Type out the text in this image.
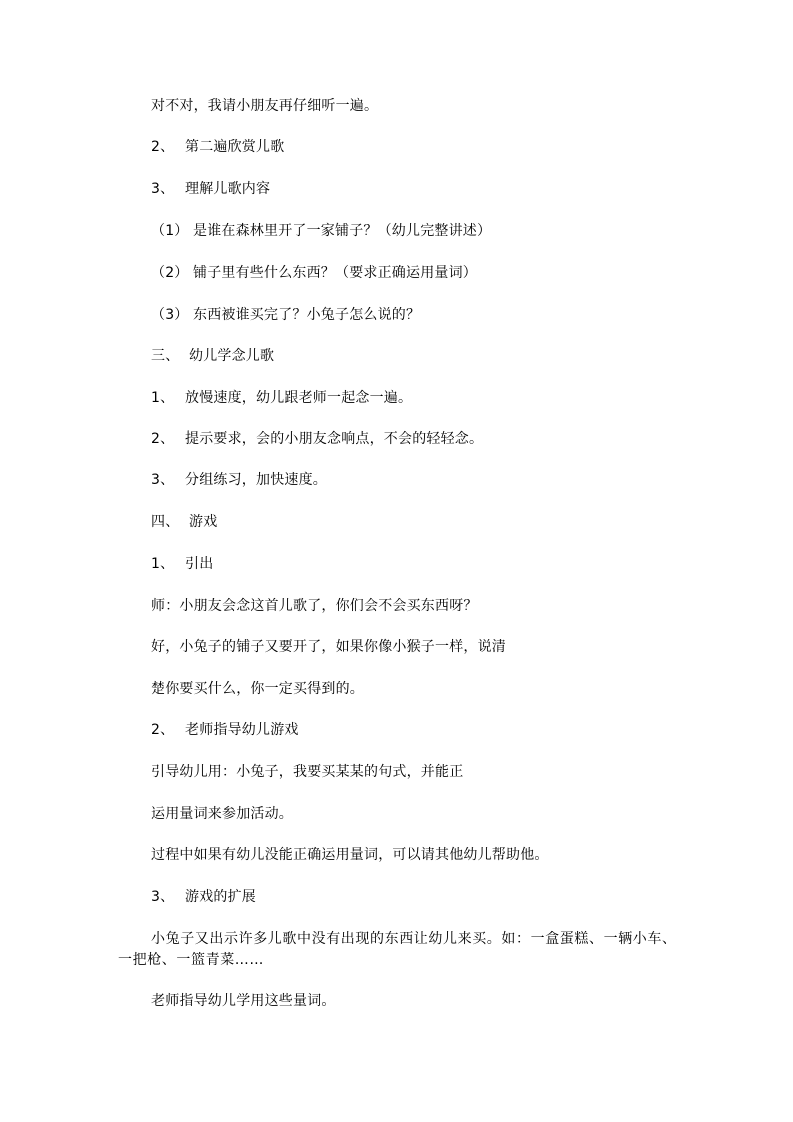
对不对，我请小朋友再仔细听一遍。
2、 第二遍欣赏儿歌
3、 理解儿歌内容
（1） 是谁在森林里开了一家铺子？（幼儿完整讲述）
（2） 铺子里有些什么东西？（要求正确运用量词）
（3） 东西被谁买完了？小兔子怎么说的？
三、 幼儿学念儿歌
1、 放慢速度，幼儿跟老师一起念一遍。
2、 提示要求，会的小朋友念响点，不会的轻轻念。
3、 分组练习，加快速度。
四、 游戏
1、 引出
师：小朋友会念这首儿歌了，你们会不会买东西呀？
好，小兔子的铺子又要开了，如果你像小猴子一样，说清
楚你要买什么，你一定买得到的。
2、 老师指导幼儿游戏
引导幼儿用：小兔子，我要买某某的句式，并能正
运用量词来参加活动。
过程中如果有幼儿没能正确运用量词，可以请其他幼儿帮助他。
3、 游戏的扩展
小兔子又出示许多儿歌中没有出现的东西让幼儿来买。如：一盒蛋糕、一辆小车、一把枪、一篮青菜……
老师指导幼儿学用这些量词。
